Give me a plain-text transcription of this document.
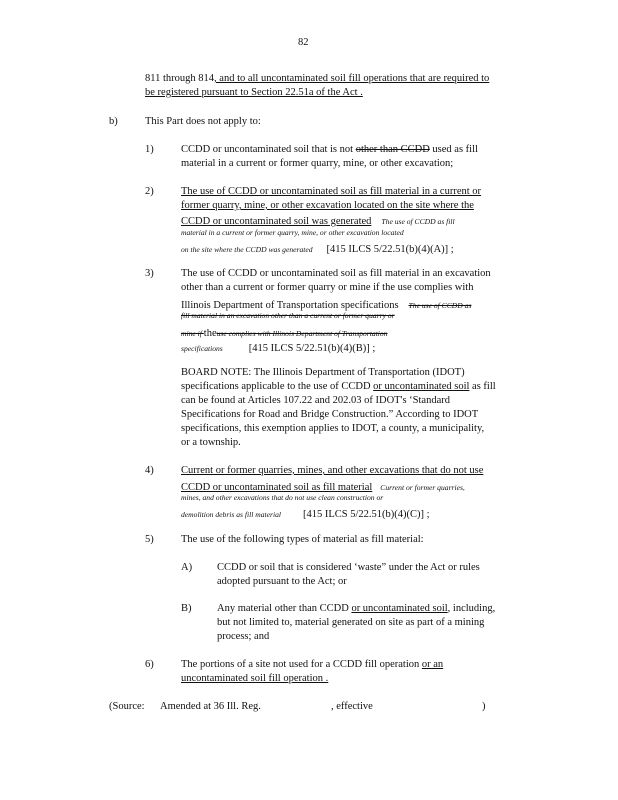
82
811 through 814, and to all uncontaminated soil fill operations that are required to
be registered pursuant to Section 22.51a of the Act .
b)	This Part does not apply to:
1)	CCDD or uncontaminated soil that is not other than CCDD used as fill
material in a current or former quarry, mine, or other excavation;
2)	The use of CCDD or uncontaminated soil as fill material in a current or
former quarry, mine, or other excavation located on the site where the
CCDD or uncontaminated soil was generated The use of CCDD as fill
material in a current or former quarry, mine, or other excavation located
on the site where the CCDD was generated [415 ILCS 5/22.51(b)(4)(A)] ;
3)	The use of CCDD or uncontaminated soil as fill material in an excavation
other than a current or former quarry or mine if the use complies with
Illinois Department of Transportation specifications The use of CCDD as
fill material in an excavation other than a current or former quarry or
mine if theuse complies with Illinois Department of Transportation
specifications [415 ILCS 5/22.51(b)(4)(B)] ;
BOARD NOTE: The Illinois Department of Transportation (IDOT)
specifications applicable to the use of CCDD or uncontaminated soil as fill
can be found at Articles 107.22 and 202.03 of IDOT's ‘Standard
Specifications for Road and Bridge Construction.” According to IDOT
specifications, this exemption applies to IDOT, a county, a municipality,
or a township.
4)	Current or former quarries, mines, and other excavations that do not use
CCDD or uncontaminated soil as fill material Current or former quarries,
mines, and other excavations that do not use clean construction or
demolition debris as fill material [415 ILCS 5/22.51(b)(4)(C)] ;
5)	The use of the following types of material as fill material:
A) CCDD or soil that is considered ‘waste” under the Act or rules
adopted pursuant to the Act; or
B) Any material other than CCDD or uncontaminated soil, including,
but not limited to, material generated on site as part of a mining
process; and
6)	The portions of a site not used for a CCDD fill operation or an
uncontaminated soil fill operation .
(Source: Amended at 36 Ill. Reg.	, effective	)
